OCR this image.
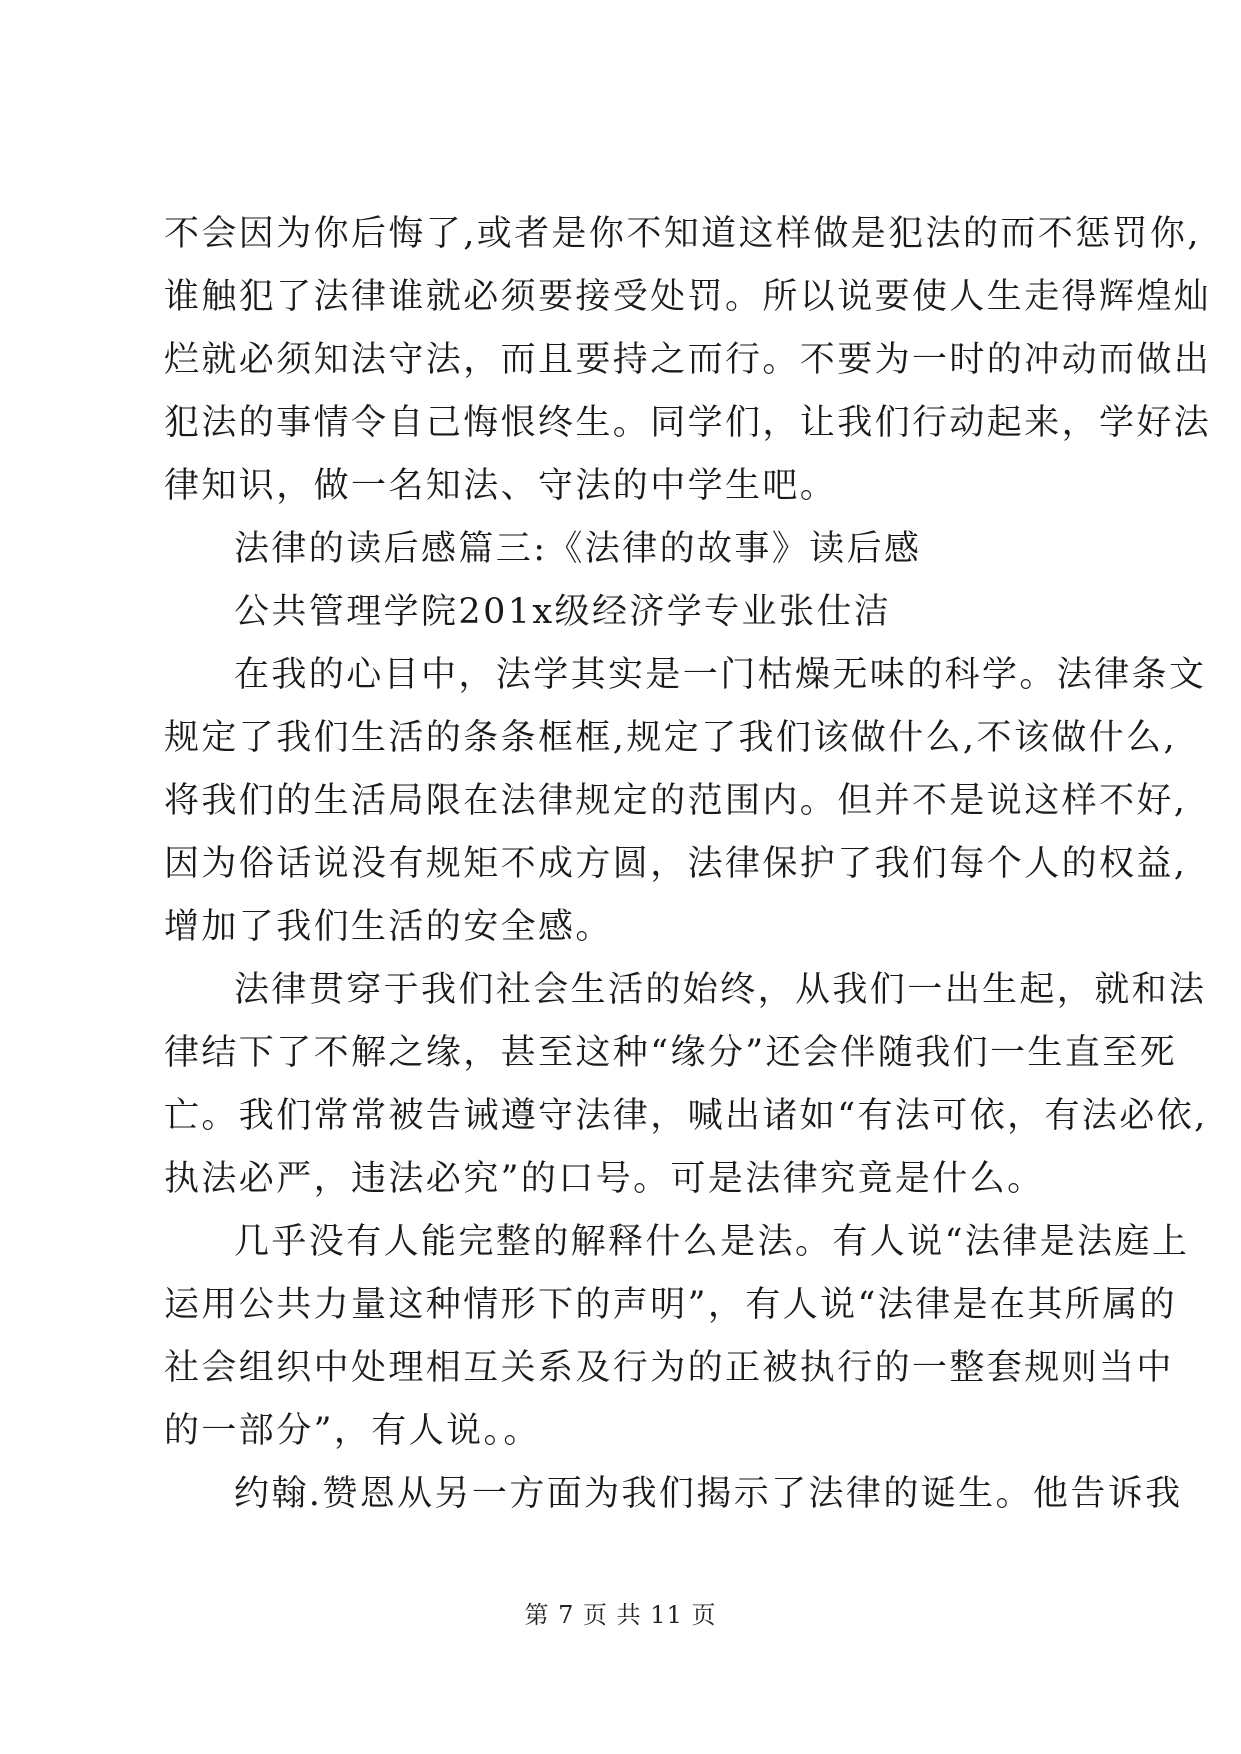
不会因为你后悔了,或者是你不知道这样做是犯法的而不惩罚你,
谁触犯了法律谁就必须要接受处罚。所以说要使人生走得辉煌灿
烂就必须知法守法，而且要持之而行。不要为一时的冲动而做出
犯法的事情令自己悔恨终生。同学们，让我们行动起来，学好法
律知识，做一名知法、守法的中学生吧。
法律的读后感篇三:《法律的故事》读后感
公共管理学院201x级经济学专业张仕洁
在我的心目中，法学其实是一门枯燥无味的科学。法律条文
规定了我们生活的条条框框,规定了我们该做什么,不该做什么,
将我们的生活局限在法律规定的范围内。但并不是说这样不好,
因为俗话说没有规矩不成方圆，法律保护了我们每个人的权益,
增加了我们生活的安全感。
法律贯穿于我们社会生活的始终，从我们一出生起，就和法
律结下了不解之缘，甚至这种“缘分”还会伴随我们一生直至死
亡。我们常常被告诫遵守法律，喊出诸如“有法可依，有法必依,
执法必严，违法必究”的口号。可是法律究竟是什么。
几乎没有人能完整的解释什么是法。有人说“法律是法庭上
运用公共力量这种情形下的声明”，有人说“法律是在其所属的
社会组织中处理相互关系及行为的正被执行的一整套规则当中
的一部分”，有人说。。
约翰.赞恩从另一方面为我们揭示了法律的诞生。他告诉我
第 7 页 共 11 页
